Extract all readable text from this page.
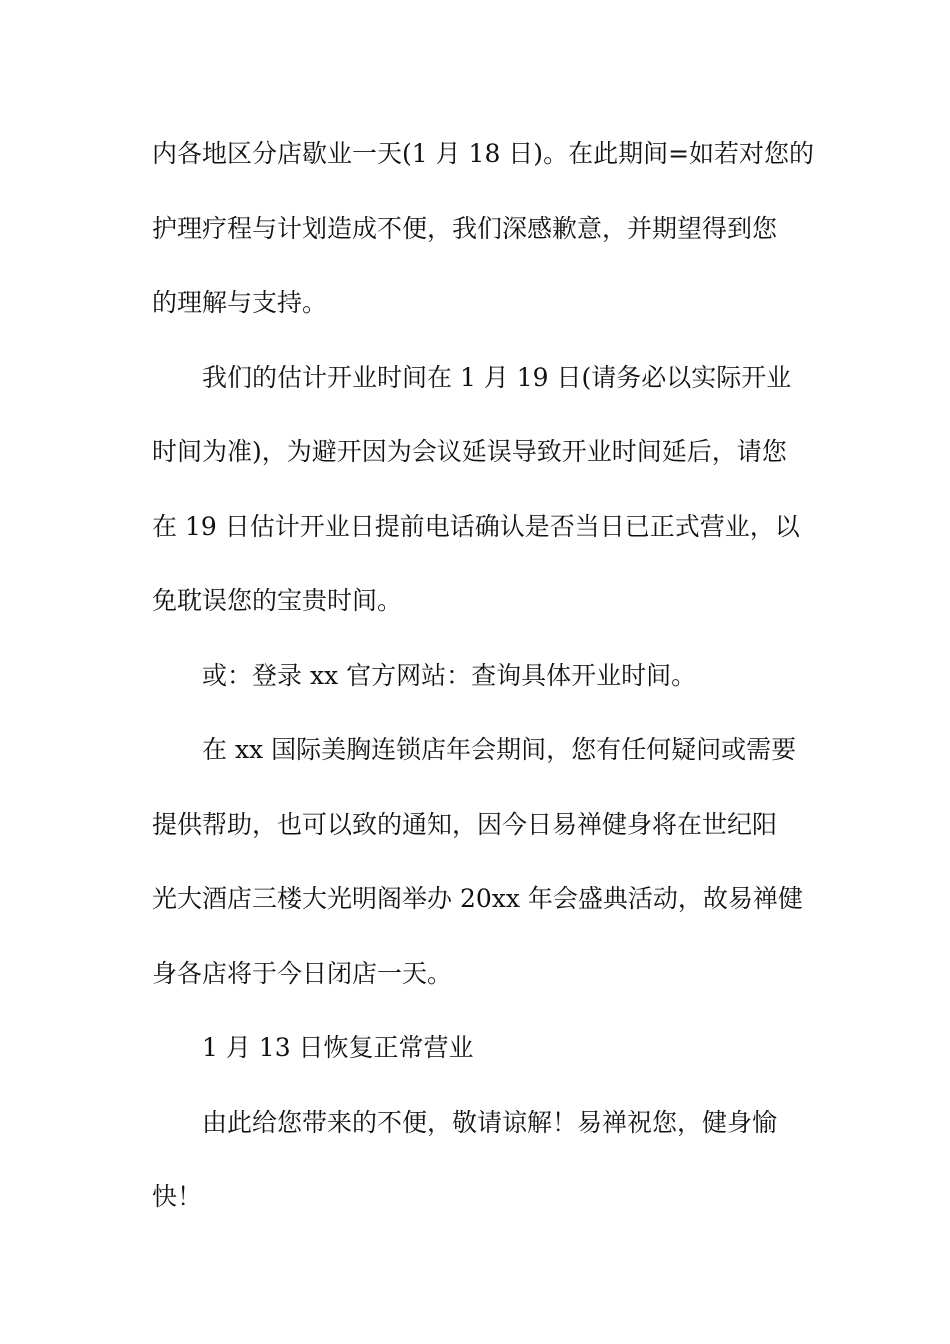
内各地区分店歇业一天(1 月 18 日)。在此期间=如若对您的
护理疗程与计划造成不便，我们深感歉意，并期望得到您
的理解与支持。

我们的估计开业时间在 1 月 19 日(请务必以实际开业
时间为准)，为避开因为会议延误导致开业时间延后，请您
在 19 日估计开业日提前电话确认是否当日已正式营业，以
免耽误您的宝贵时间。

或：登录 xx 官方网站：查询具体开业时间。

在 xx 国际美胸连锁店年会期间，您有任何疑问或需要
提供帮助，也可以致的通知，因今日易禅健身将在世纪阳
光大酒店三楼大光明阁举办 20xx 年会盛典活动，故易禅健
身各店将于今日闭店一天。

1 月 13 日恢复正常营业

由此给您带来的不便，敬请谅解！易禅祝您，健身愉
快！
